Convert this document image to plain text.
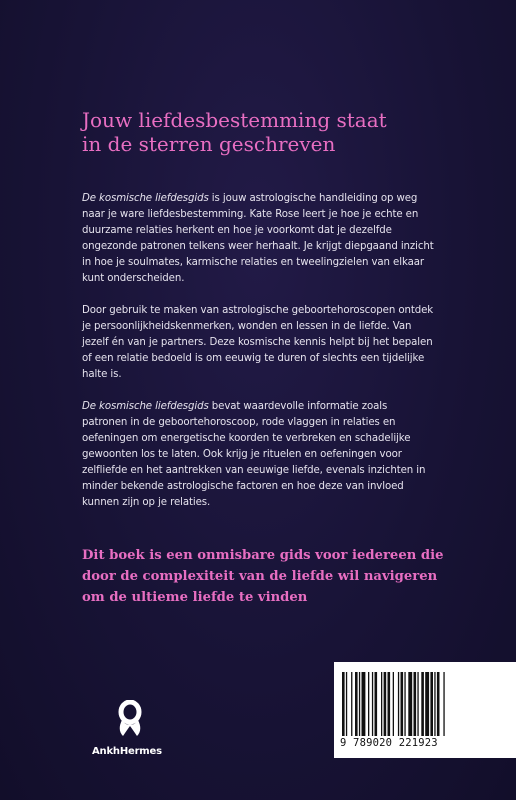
Jouw liefdesbestemming staat
in de sterren geschreven

De kosmische liefdesgids is jouw astrologische handleiding op weg naar je ware liefdesbestemming. Kate Rose leert je hoe je echte en duurzame relaties herkent en hoe je voorkomt dat je dezelfde ongezonde patronen telkens weer herhaalt. Je krijgt diepgaand inzicht in hoe je soulmates, karmische relaties en tweelingzielen van elkaar kunt onderscheiden.

Door gebruik te maken van astrologische geboortehoroscopen ontdek je persoonlijkheidskenmerken, wonden en lessen in de liefde. Van jezelf én van je partners. Deze kosmische kennis helpt bij het bepalen of een relatie bedoeld is om eeuwig te duren of slechts een tijdelijke halte is.

De kosmische liefdesgids bevat waardevolle informatie zoals patronen in de geboortehoroscoop, rode vlaggen in relaties en oefeningen om energetische koorden te verbreken en schadelijke gewoonten los te laten. Ook krijg je rituelen en oefeningen voor zelfliefde en het aantrekken van eeuwige liefde, evenals inzichten in minder bekende astrologische factoren en hoe deze van invloed kunnen zijn op je relaties.

Dit boek is een onmisbare gids voor iedereen die
door de complexiteit van de liefde wil navigeren
om de ultieme liefde te vinden
AnkhHermes
9 789020 221923
